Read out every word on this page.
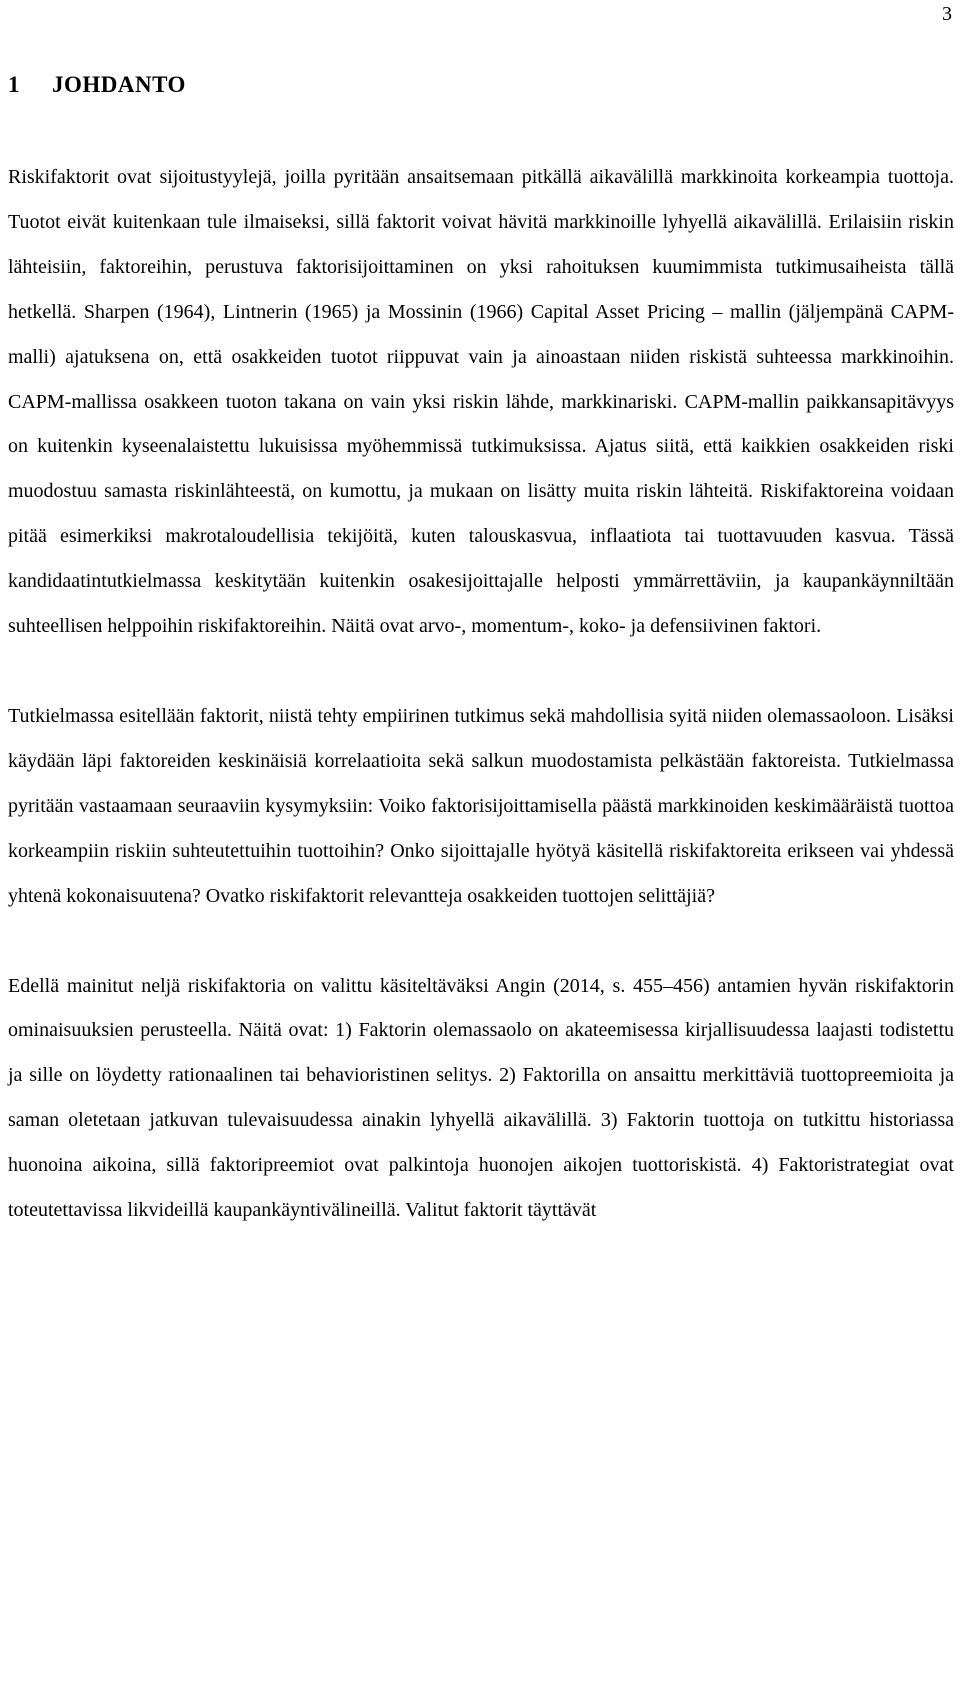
3
1 JOHDANTO

Riskifaktorit ovat sijoitustyylejä, joilla pyritään ansaitsemaan pitkällä aikavälillä markkinoita korkeampia tuottoja. Tuotot eivät kuitenkaan tule ilmaiseksi, sillä faktorit voivat hävitä markkinoille lyhyellä aikavälillä. Erilaisiin riskin lähteisiin, faktoreihin, perustuva faktorisijoittaminen on yksi rahoituksen kuumimmista tutkimusaiheista tällä hetkellä. Sharpen (1964), Lintnerin (1965) ja Mossinin (1966) Capital Asset Pricing – mallin (jäljempänä CAPM-malli) ajatuksena on, että osakkeiden tuotot riippuvat vain ja ainoastaan niiden riskistä suhteessa markkinoihin. CAPM-mallissa osakkeen tuoton takana on vain yksi riskin lähde, markkinariski. CAPM-mallin paikkansapitävyys on kuitenkin kyseenalaistettu lukuisissa myöhemmissä tutkimuksissa. Ajatus siitä, että kaikkien osakkeiden riski muodostuu samasta riskinlähteestä, on kumottu, ja mukaan on lisätty muita riskin lähteitä. Riskifaktoreina voidaan pitää esimerkiksi makrotaloudellisia tekijöitä, kuten talouskasvua, inflaatiota tai tuottavuuden kasvua. Tässä kandidaatintutkielmassa keskitytään kuitenkin osakesijoittajalle helposti ymmärrettäviin, ja kaupankäynniltään suhteellisen helppoihin riskifaktoreihin. Näitä ovat arvo-, momentum-, koko- ja defensiivinen faktori.

Tutkielmassa esitellään faktorit, niistä tehty empiirinen tutkimus sekä mahdollisia syitä niiden olemassaoloon. Lisäksi käydään läpi faktoreiden keskinäisiä korrelaatioita sekä salkun muodostamista pelkästään faktoreista. Tutkielmassa pyritään vastaamaan seuraaviin kysymyksiin: Voiko faktorisijoittamisella päästä markkinoiden keskimääräistä tuottoa korkeampiin riskiin suhteutettuihin tuottoihin? Onko sijoittajalle hyötyä käsitellä riskifaktoreita erikseen vai yhdessä yhtenä kokonaisuutena? Ovatko riskifaktorit relevantteja osakkeiden tuottojen selittäjiä?

Edellä mainitut neljä riskifaktoria on valittu käsiteltäväksi Angin (2014, s. 455–456) antamien hyvän riskifaktorin ominaisuuksien perusteella. Näitä ovat: 1) Faktorin olemassaolo on akateemisessa kirjallisuudessa laajasti todistettu ja sille on löydetty rationaalinen tai behavioristinen selitys. 2) Faktorilla on ansaittu merkittäviä tuottopreemioita ja saman oletetaan jatkuvan tulevaisuudessa ainakin lyhyellä aikavälillä. 3) Faktorin tuottoja on tutkittu historiassa huonoina aikoina, sillä faktoripreemiot ovat palkintoja huonojen aikojen tuottoriskistä. 4) Faktoristrategiat ovat toteutettavissa likvideillä kaupankäyntivälineillä. Valitut faktorit täyttävät
